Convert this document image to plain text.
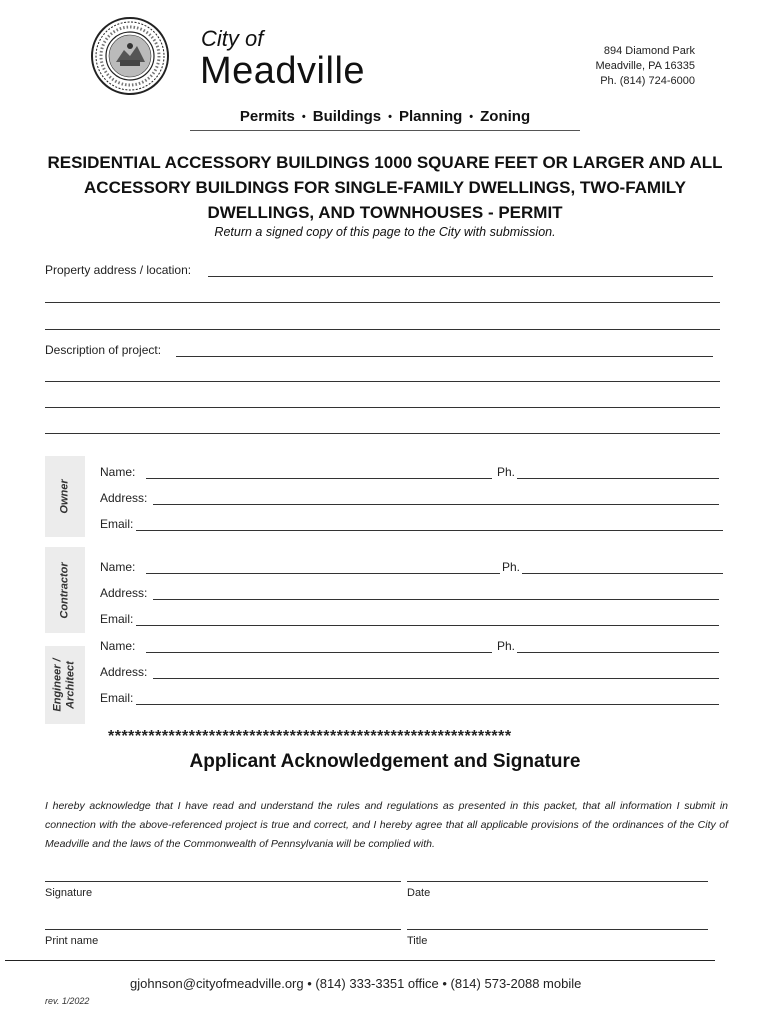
City of
Meadville	894 Diamond Park
Meadville, PA 16335
Ph. (814) 724-6000
Permits • Buildings • Planning • Zoning
RESIDENTIAL ACCESSORY BUILDINGS 1000 SQUARE FEET OR LARGER AND ALL
ACCESSORY BUILDINGS FOR SINGLE-FAMILY DWELLINGS, TWO-FAMILY
DWELLINGS, AND TOWNHOUSES - PERMIT
Return a signed copy of this page to the City with submission.
Property address / location:
Description of project:
Owner
Name:	Ph.
Address:
Email:
Contractor Name:	Ph.
Address:
Email:
Engineer /
Architect
Name:	Ph.
Address:
Email:
************************************************************
Applicant Acknowledgement and Signature
I hereby acknowledge that I have read and understand the rules and regulations as presented in this packet, that all information I submit in connection with the above-referenced project is true and correct, and I hereby agree that all applicable provisions of the ordinances of the City of Meadville and the laws of the Commonwealth of Pennsylvania will be complied with.
Signature	Date
Print name	Title
gjohnson@cityofmeadville.org • (814) 333-3351 office • (814) 573-2088 mobile
rev. 1/2022
